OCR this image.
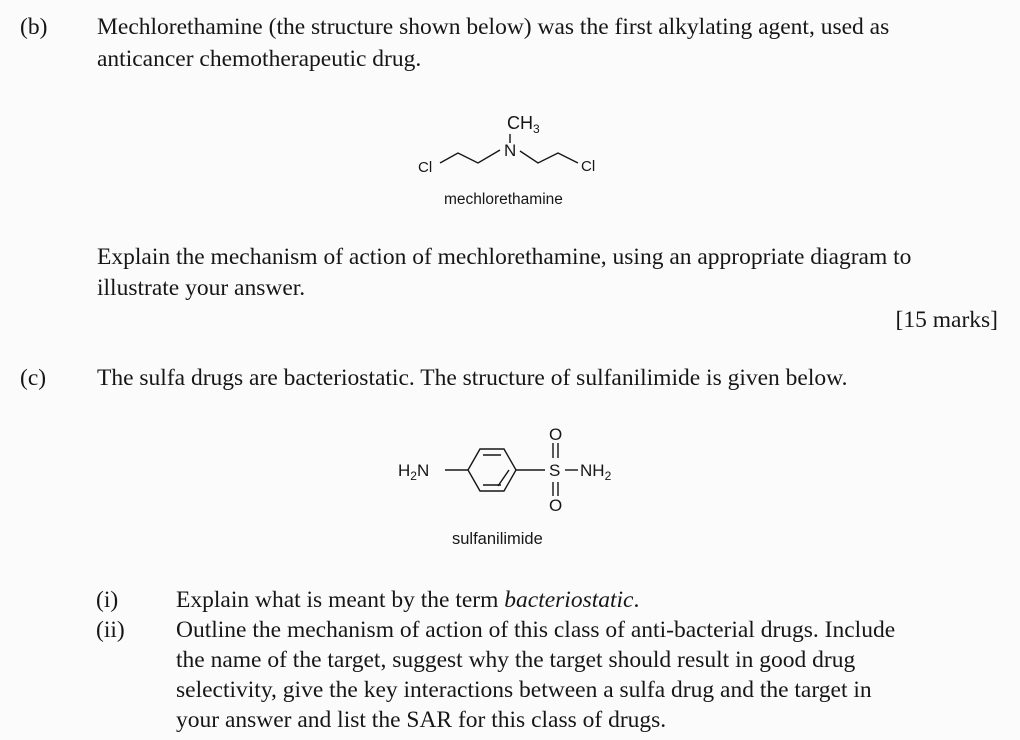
(b) Mechlorethamine (the structure shown below) was the first alkylating agent, used as
anticancer chemotherapeutic drug.
$CH_3$
N
Cl	Cl
mechlorethamine
Explain the mechanism of action of mechlorethamine, using an appropriate diagram to
illustrate your answer.
[15 marks]
(c) The sulfa drugs are bacteriostatic. The structure of sulfanilimide is given below.
$H_2N$	S
O
O
$NH_2$
sulfanilimide
(i) Explain what is meant by the term bacteriostatic.
(ii) Outline the mechanism of action of this class of anti-bacterial drugs. Include
the name of the target, suggest why the target should result in good drug
selectivity, give the key interactions between a sulfa drug and the target in
your answer and list the SAR for this class of drugs.
